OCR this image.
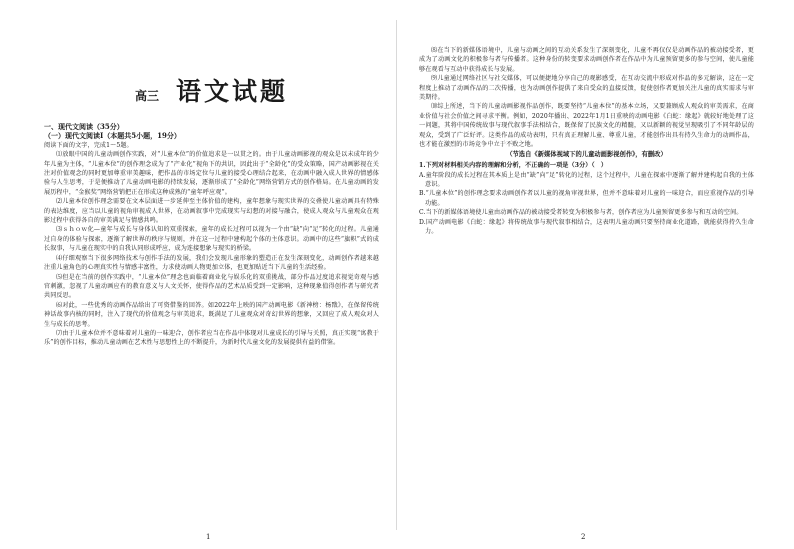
高三 语文试题
一、现代文阅读（35分）
（一）现代文阅读Ⅰ（本题共5小题，19分）

阅读下面的文字，完成1～5题。

⑴放眼中国的儿童动画创作实践，对“儿童本位”的价值追求是一以贯之的。由于儿童动画影视的观众是以未成年的少年儿童为主体，“儿童本位”的创作理念成为了“产业化”视角下的共识，因此出于“全龄化”的受众策略，国产动画影视在关注对价值观念的同时更加尊重审美趣味，把作品的市场定位与儿童的接受心理结合起来，在动画中融入成人世界的情感体验与人生思考，于是便推动了儿童动画电影的持续发展，逐渐形成了“全龄化”网络营销方式的创作格局。在儿童动画的发展历程中，“金猴奖”网络营销把正在形成这种成熟的“童年呼应观”。

⑵儿童本位创作理念需要在文本层面进一步延伸至主体价值的建构，童年想象与现实世界的交叠使儿童动画具有特殊的表达维度，应当以儿童的视角审视成人世界，在动画叙事中完成现实与幻想的对接与融合，使成人观众与儿童观众在观影过程中获得各自的审美满足与情感共鸣。

⑶ｓｈｏｗ化—童年与成长与身体认知的双重探索，童年的成长过程可以视为一个由“缺”向“足”转化的过程。儿童通过自身的体验与探索，逐渐了解世界的秩序与规则，并在这一过程中建构起个体的主体意识。动画中的这些“旗帜”式的成长叙事，与儿童在现实中的自我认同形成呼应，成为连接想象与现实的桥梁。

⑷仔细观察当下很多网络技术与创作手法的发展，我们会发现儿童形象的塑造正在发生深刻变化，动画创作者越来越注重儿童角色的心理真实性与情感丰富性，力求使动画人物更加立体，也更加贴近当下儿童的生活经验。

⑸但是在当前的创作实践中，“儿童本位”理念也面临着商业化与娱乐化的双重挑战，部分作品过度追求视觉奇观与感官刺激，忽视了儿童动画应有的教育意义与人文关怀，使得作品的艺术品质受到一定影响，这种现象值得创作者与研究者共同反思。

⑹对此，一些优秀的动画作品给出了可资借鉴的回答。如2022年上映的国产动画电影《新神榜：杨戬》，在保留传统神话故事内核的同时，注入了现代的价值观念与审美追求，既满足了儿童观众对奇幻世界的想象，又回应了成人观众对人生与成长的思考。

⑺由于儿童本位并不意味着对儿童的一味迎合，创作者应当在作品中体现对儿童成长的引导与关照，真正实现“寓教于乐”的创作目标，推动儿童动画在艺术性与思想性上的不断提升，为新时代儿童文化的发展提供有益的借鉴。

1

⑻在当下的新媒体语境中，儿童与动画之间的互动关系发生了深刻变化，儿童不再仅仅是动画作品的被动接受者，更成为了动画文化的积极参与者与传播者。这种身份的转变要求动画创作者在作品中为儿童预留更多的参与空间，使儿童能够在观看与互动中获得成长与发展。

⑼儿童通过网络社区与社交媒体，可以便捷地分享自己的观影感受，在互动交流中形成对作品的多元解读，这在一定程度上推动了动画作品的二次传播，也为动画创作提供了来自受众的直接反馈，促使创作者更加关注儿童的真实需求与审美期待。

⑽综上所述，当下的儿童动画影视作品创作，既要坚持“儿童本位”的基本立场，又要兼顾成人观众的审美需求，在商业价值与社会价值之间寻求平衡。例如，2020年播出、2022年1月1日重映的动画电影《白蛇：缘起》就较好地处理了这一问题，其将中国传统故事与现代叙事手法相结合，既保留了民族文化的精髓，又以新颖的视觉呈现吸引了不同年龄层的观众，受到了广泛好评。这类作品的成功表明，只有真正理解儿童、尊重儿童，才能创作出具有持久生命力的动画作品，也才能在激烈的市场竞争中立于不败之地。

（节选自《新媒体视域下的儿童动画影视创作》，有删改）

1.下列对材料相关内容的理解和分析，不正确的一项是（3分）（　）

A.童年阶段的成长过程在其本质上是由“缺”向“足”转化的过程，这个过程中，儿童在探索中逐渐了解并建构起自我的主体意识。

B.“儿童本位”的创作理念要求动画创作者以儿童的视角审视世界，但并不意味着对儿童的一味迎合，而应重视作品的引导功能。

C.当下的新媒体语境使儿童由动画作品的被动接受者转变为积极参与者，创作者应为儿童预留更多参与和互动的空间。

D.国产动画电影《白蛇：缘起》将传统故事与现代叙事相结合，这表明儿童动画只要坚持商业化道路，就能获得持久生命力。

2
